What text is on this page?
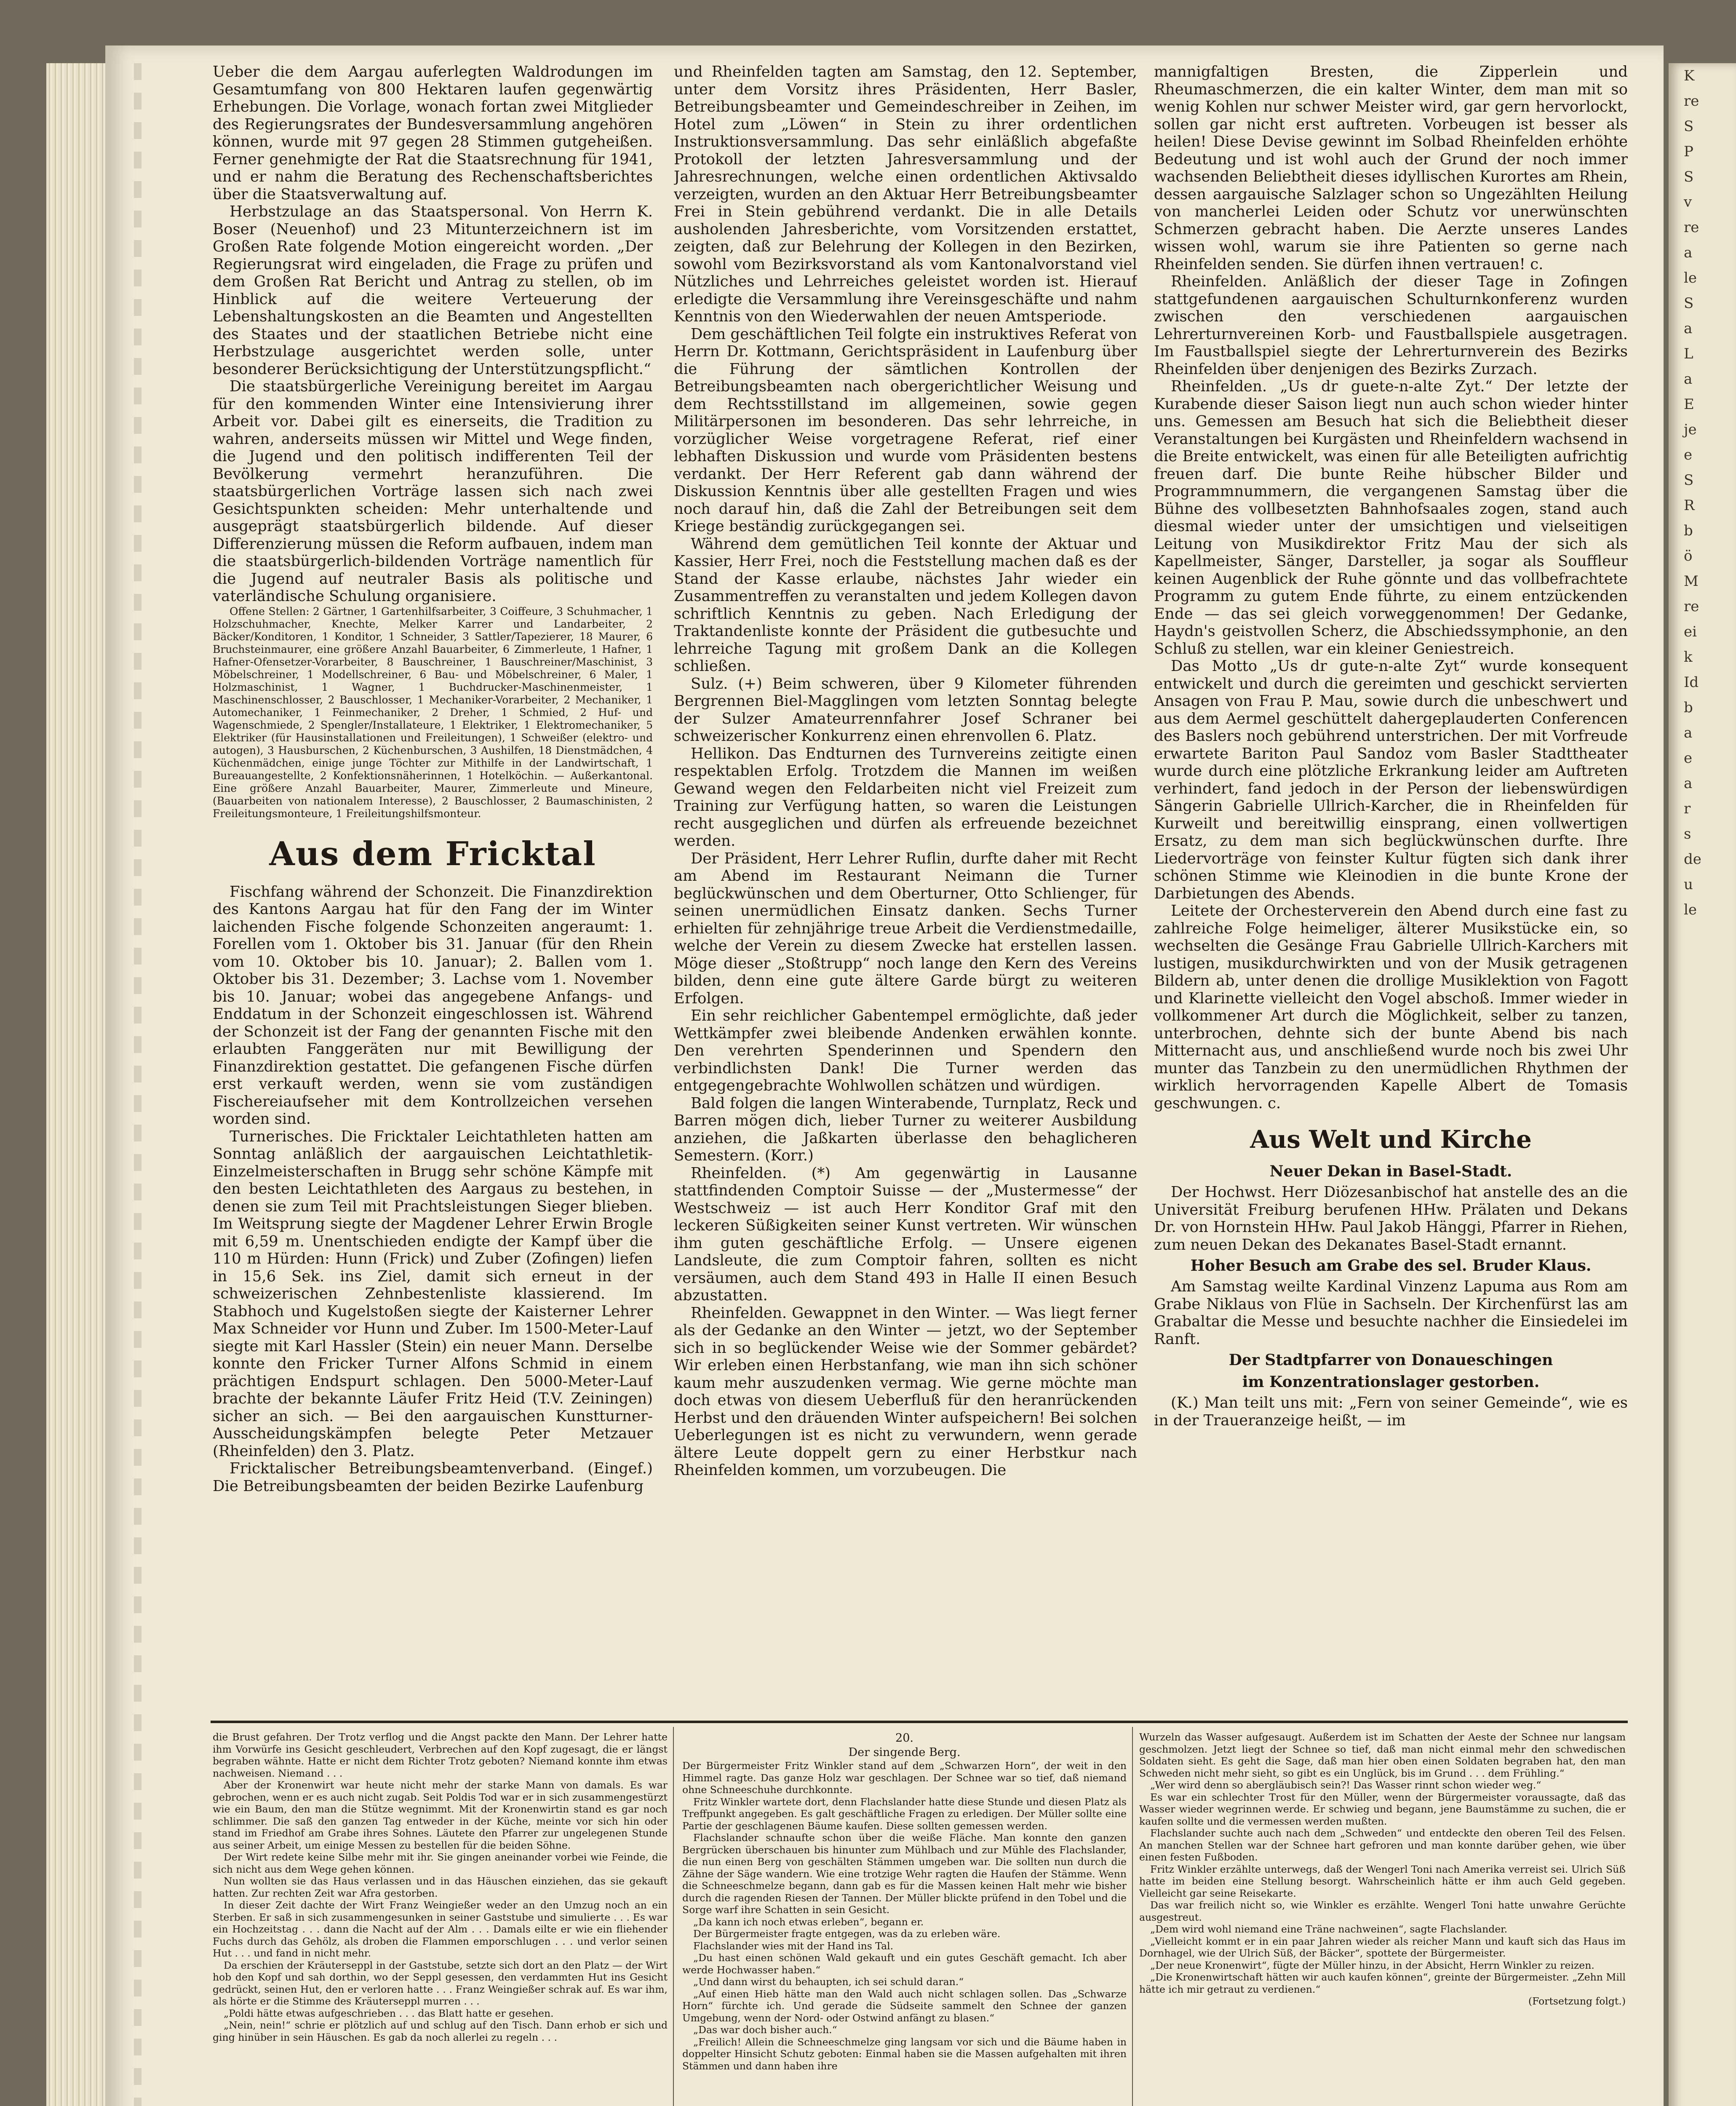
K
re
S
P
S
v
re
a
le
S
a
L
a
E
je
e
S
R
b
ö
M
re
ei
k
Id
b
a
e
a
r
s
de
u
le

Ueber die dem Aargau auferlegten Waldrodungen im Gesamtumfang von 800 Hektaren laufen gegenwärtig Erhebungen. Die Vorlage, wonach fortan zwei Mitglieder des Regierungsrates der Bundesversammlung angehören können, wurde mit 97 gegen 28 Stimmen gutgeheißen. Ferner genehmigte der Rat die Staatsrechnung für 1941, und er nahm die Beratung des Rechenschaftsberichtes über die Staatsverwaltung auf.

Herbstzulage an das Staatspersonal. Von Herrn K. Boser (Neuenhof) und 23 Mitunterzeichnern ist im Großen Rate folgende Motion eingereicht worden. „Der Regierungsrat wird eingeladen, die Frage zu prüfen und dem Großen Rat Bericht und Antrag zu stellen, ob im Hinblick auf die weitere Verteuerung der Lebenshaltungskosten an die Beamten und Angestellten des Staates und der staatlichen Betriebe nicht eine Herbstzulage ausgerichtet werden solle, unter besonderer Berücksichtigung der Unterstützungspflicht.“

Die staatsbürgerliche Vereinigung bereitet im Aargau für den kommenden Winter eine Intensivierung ihrer Arbeit vor. Dabei gilt es einerseits, die Tradition zu wahren, anderseits müssen wir Mittel und Wege finden, die Jugend und den politisch indifferenten Teil der Bevölkerung vermehrt heranzuführen. Die staatsbürgerlichen Vorträge lassen sich nach zwei Gesichtspunkten scheiden: Mehr unterhaltende und ausgeprägt staatsbürgerlich bildende. Auf dieser Differenzierung müssen die Reform aufbauen, indem man die staatsbürgerlich-bildenden Vorträge namentlich für die Jugend auf neutraler Basis als politische und vaterländische Schulung organisiere.

Offene Stellen: 2 Gärtner, 1 Gartenhilfsarbeiter, 3 Coiffeure, 3 Schuhmacher, 1 Holzschuhmacher, Knechte, Melker Karrer und Landarbeiter, 2 Bäcker/Konditoren, 1 Konditor, 1 Schneider, 3 Sattler/Tapezierer, 18 Maurer, 6 Bruchsteinmaurer, eine größere Anzahl Bauarbeiter, 6 Zimmerleute, 1 Hafner, 1 Hafner-Ofensetzer-Vorarbeiter, 8 Bauschreiner, 1 Bauschreiner/Maschinist, 3 Möbelschreiner, 1 Modellschreiner, 6 Bau- und Möbelschreiner, 6 Maler, 1 Holzmaschinist, 1 Wagner, 1 Buchdrucker-Maschinenmeister, 1 Maschinenschlosser, 2 Bauschlosser, 1 Mechaniker-Vorarbeiter, 2 Mechaniker, 1 Automechaniker, 1 Feinmechaniker, 2 Dreher, 1 Schmied, 2 Huf- und Wagenschmiede, 2 Spengler/Installateure, 1 Elektriker, 1 Elektromechaniker, 5 Elektriker (für Hausinstallationen und Freileitungen), 1 Schweißer (elektro- und autogen), 3 Hausburschen, 2 Küchenburschen, 3 Aushilfen, 18 Dienstmädchen, 4 Küchenmädchen, einige junge Töchter zur Mithilfe in der Landwirtschaft, 1 Bureauangestellte, 2 Konfektionsnäherinnen, 1 Hotelköchin. — Außerkantonal. Eine größere Anzahl Bauarbeiter, Maurer, Zimmerleute und Mineure, (Bauarbeiten von nationalem Interesse), 2 Bauschlosser, 2 Baumaschinisten, 2 Freileitungsmonteure, 1 Freileitungshilfsmonteur.

Aus dem Fricktal

Fischfang während der Schonzeit. Die Finanzdirektion des Kantons Aargau hat für den Fang der im Winter laichenden Fische folgende Schonzeiten angeraumt: 1. Forellen vom 1. Oktober bis 31. Januar (für den Rhein vom 10. Oktober bis 10. Januar); 2. Ballen vom 1. Oktober bis 31. Dezember; 3. Lachse vom 1. November bis 10. Januar; wobei das angegebene Anfangs- und Enddatum in der Schonzeit eingeschlossen ist. Während der Schonzeit ist der Fang der genannten Fische mit den erlaubten Fanggeräten nur mit Bewilligung der Finanzdirektion gestattet. Die gefangenen Fische dürfen erst verkauft werden, wenn sie vom zuständigen Fischereiaufseher mit dem Kontrollzeichen versehen worden sind.

Turnerisches. Die Fricktaler Leichtathleten hatten am Sonntag anläßlich der aargauischen Leichtathletik-Einzelmeisterschaften in Brugg sehr schöne Kämpfe mit den besten Leichtathleten des Aargaus zu bestehen, in denen sie zum Teil mit Prachtsleistungen Sieger blieben. Im Weitsprung siegte der Magdener Lehrer Erwin Brogle mit 6,59 m. Unentschieden endigte der Kampf über die 110 m Hürden: Hunn (Frick) und Zuber (Zofingen) liefen in 15,6 Sek. ins Ziel, damit sich erneut in der schweizerischen Zehnbestenliste klassierend. Im Stabhoch und Kugelstoßen siegte der Kaisterner Lehrer Max Schneider vor Hunn und Zuber. Im 1500-Meter-Lauf siegte mit Karl Hassler (Stein) ein neuer Mann. Derselbe konnte den Fricker Turner Alfons Schmid in einem prächtigen Endspurt schlagen. Den 5000-Meter-Lauf brachte der bekannte Läufer Fritz Heid (T.V. Zeiningen) sicher an sich. — Bei den aargauischen Kunstturner-Ausscheidungskämpfen belegte Peter Metzauer (Rheinfelden) den 3. Platz.

Fricktalischer Betreibungsbeamtenverband. (Eingef.) Die Betreibungsbeamten der beiden Bezirke Laufenburg

und Rheinfelden tagten am Samstag, den 12. September, unter dem Vorsitz ihres Präsidenten, Herr Basler, Betreibungsbeamter und Gemeindeschreiber in Zeihen, im Hotel zum „Löwen“ in Stein zu ihrer ordentlichen Instruktionsversammlung. Das sehr einläßlich abgefaßte Protokoll der letzten Jahresversammlung und der Jahresrechnungen, welche einen ordentlichen Aktivsaldo verzeigten, wurden an den Aktuar Herr Betreibungsbeamter Frei in Stein gebührend verdankt. Die in alle Details ausholenden Jahresberichte, vom Vorsitzenden erstattet, zeigten, daß zur Belehrung der Kollegen in den Bezirken, sowohl vom Bezirksvorstand als vom Kantonalvorstand viel Nützliches und Lehrreiches geleistet worden ist. Hierauf erledigte die Versammlung ihre Vereinsgeschäfte und nahm Kenntnis von den Wiederwahlen der neuen Amtsperiode.

Dem geschäftlichen Teil folgte ein instruktives Referat von Herrn Dr. Kottmann, Gerichtspräsident in Laufenburg über die Führung der sämtlichen Kontrollen der Betreibungsbeamten nach obergerichtlicher Weisung und dem Rechtsstillstand im allgemeinen, sowie gegen Militärpersonen im besonderen. Das sehr lehrreiche, in vorzüglicher Weise vorgetragene Referat, rief einer lebhaften Diskussion und wurde vom Präsidenten bestens verdankt. Der Herr Referent gab dann während der Diskussion Kenntnis über alle gestellten Fragen und wies noch darauf hin, daß die Zahl der Betreibungen seit dem Kriege beständig zurückgegangen sei.

Während dem gemütlichen Teil konnte der Aktuar und Kassier, Herr Frei, noch die Feststellung machen daß es der Stand der Kasse erlaube, nächstes Jahr wieder ein Zusammentreffen zu veranstalten und jedem Kollegen davon schriftlich Kenntnis zu geben. Nach Erledigung der Traktandenliste konnte der Präsident die gutbesuchte und lehrreiche Tagung mit großem Dank an die Kollegen schließen.

Sulz. (+) Beim schweren, über 9 Kilometer führenden Bergrennen Biel-Magglingen vom letzten Sonntag belegte der Sulzer Amateurrennfahrer Josef Schraner bei schweizerischer Konkurrenz einen ehrenvollen 6. Platz.

Hellikon. Das Endturnen des Turnvereins zeitigte einen respektablen Erfolg. Trotzdem die Mannen im weißen Gewand wegen den Feldarbeiten nicht viel Freizeit zum Training zur Verfügung hatten, so waren die Leistungen recht ausgeglichen und dürfen als erfreuende bezeichnet werden.

Der Präsident, Herr Lehrer Ruflin, durfte daher mit Recht am Abend im Restaurant Neimann die Turner beglückwünschen und dem Oberturner, Otto Schlienger, für seinen unermüdlichen Einsatz danken. Sechs Turner erhielten für zehnjährige treue Arbeit die Verdienstmedaille, welche der Verein zu diesem Zwecke hat erstellen lassen. Möge dieser „Stoßtrupp“ noch lange den Kern des Vereins bilden, denn eine gute ältere Garde bürgt zu weiteren Erfolgen.

Ein sehr reichlicher Gabentempel ermöglichte, daß jeder Wettkämpfer zwei bleibende Andenken erwählen konnte. Den verehrten Spenderinnen und Spendern den verbindlichsten Dank! Die Turner werden das entgegengebrachte Wohlwollen schätzen und würdigen.

Bald folgen die langen Winterabende, Turnplatz, Reck und Barren mögen dich, lieber Turner zu weiterer Ausbildung anziehen, die Jaßkarten überlasse den behaglicheren Semestern. (Korr.)

Rheinfelden. (*) Am gegenwärtig in Lausanne stattfindenden Comptoir Suisse — der „Mustermesse“ der Westschweiz — ist auch Herr Konditor Graf mit den leckeren Süßigkeiten seiner Kunst vertreten. Wir wünschen ihm guten geschäftliche Erfolg. — Unsere eigenen Landsleute, die zum Comptoir fahren, sollten es nicht versäumen, auch dem Stand 493 in Halle II einen Besuch abzustatten.

Rheinfelden. Gewappnet in den Winter. — Was liegt ferner als der Gedanke an den Winter — jetzt, wo der September sich in so beglückender Weise wie der Sommer gebärdet? Wir erleben einen Herbstanfang, wie man ihn sich schöner kaum mehr auszudenken vermag. Wie gerne möchte man doch etwas von diesem Ueberfluß für den heranrückenden Herbst und den dräuenden Winter aufspeichern! Bei solchen Ueberlegungen ist es nicht zu verwundern, wenn gerade ältere Leute doppelt gern zu einer Herbstkur nach Rheinfelden kommen, um vorzubeugen. Die

mannigfaltigen Bresten, die Zipperlein und Rheumaschmerzen, die ein kalter Winter, dem man mit so wenig Kohlen nur schwer Meister wird, gar gern hervorlockt, sollen gar nicht erst auftreten. Vorbeugen ist besser als heilen! Diese Devise gewinnt im Solbad Rheinfelden erhöhte Bedeutung und ist wohl auch der Grund der noch immer wachsenden Beliebtheit dieses idyllischen Kurortes am Rhein, dessen aargauische Salzlager schon so Ungezählten Heilung von mancherlei Leiden oder Schutz vor unerwünschten Schmerzen gebracht haben. Die Aerzte unseres Landes wissen wohl, warum sie ihre Patienten so gerne nach Rheinfelden senden. Sie dürfen ihnen vertrauen! c.

Rheinfelden. Anläßlich der dieser Tage in Zofingen stattgefundenen aargauischen Schulturnkonferenz wurden zwischen den verschiedenen aargauischen Lehrerturnvereinen Korb- und Faustballspiele ausgetragen. Im Faustballspiel siegte der Lehrerturnverein des Bezirks Rheinfelden über denjenigen des Bezirks Zurzach.

Rheinfelden. „Us dr guete-n-alte Zyt.“ Der letzte der Kurabende dieser Saison liegt nun auch schon wieder hinter uns. Gemessen am Besuch hat sich die Beliebtheit dieser Veranstaltungen bei Kurgästen und Rheinfeldern wachsend in die Breite entwickelt, was einen für alle Beteiligten aufrichtig freuen darf. Die bunte Reihe hübscher Bilder und Programmnummern, die vergangenen Samstag über die Bühne des vollbesetzten Bahnhofsaales zogen, stand auch diesmal wieder unter der umsichtigen und vielseitigen Leitung von Musikdirektor Fritz Mau der sich als Kapellmeister, Sänger, Darsteller, ja sogar als Souffleur keinen Augenblick der Ruhe gönnte und das vollbefrachtete Programm zu gutem Ende führte, zu einem entzückenden Ende — das sei gleich vorweggenommen! Der Gedanke, Haydn's geistvollen Scherz, die Abschiedssymphonie, an den Schluß zu stellen, war ein kleiner Geniestreich.

Das Motto „Us dr gute-n-alte Zyt“ wurde konsequent entwickelt und durch die gereimten und geschickt servierten Ansagen von Frau P. Mau, sowie durch die unbeschwert und aus dem Aermel geschüttelt dahergeplauderten Conferencen des Baslers noch gebührend unterstrichen. Der mit Vorfreude erwartete Bariton Paul Sandoz vom Basler Stadttheater wurde durch eine plötzliche Erkrankung leider am Auftreten verhindert, fand jedoch in der Person der liebenswürdigen Sängerin Gabrielle Ullrich-Karcher, die in Rheinfelden für Kurweilt und bereitwillig einsprang, einen vollwertigen Ersatz, zu dem man sich beglückwünschen durfte. Ihre Liedervorträge von feinster Kultur fügten sich dank ihrer schönen Stimme wie Kleinodien in die bunte Krone der Darbietungen des Abends.

Leitete der Orchesterverein den Abend durch eine fast zu zahlreiche Folge heimeliger, älterer Musikstücke ein, so wechselten die Gesänge Frau Gabrielle Ullrich-Karchers mit lustigen, musikdurchwirkten und von der Musik getragenen Bildern ab, unter denen die drollige Musiklektion von Fagott und Klarinette vielleicht den Vogel abschoß. Immer wieder in vollkommener Art durch die Möglichkeit, selber zu tanzen, unterbrochen, dehnte sich der bunte Abend bis nach Mitternacht aus, und anschließend wurde noch bis zwei Uhr munter das Tanzbein zu den unermüdlichen Rhythmen der wirklich hervorragenden Kapelle Albert de Tomasis geschwungen. c.

Aus Welt und Kirche
Neuer Dekan in Basel-Stadt.

Der Hochwst. Herr Diözesanbischof hat anstelle des an die Universität Freiburg berufenen HHw. Prälaten und Dekans Dr. von Hornstein HHw. Paul Jakob Hänggi, Pfarrer in Riehen, zum neuen Dekan des Dekanates Basel-Stadt ernannt.

Hoher Besuch am Grabe des sel. Bruder Klaus.

Am Samstag weilte Kardinal Vinzenz Lapuma aus Rom am Grabe Niklaus von Flüe in Sachseln. Der Kirchenfürst las am Grabaltar die Messe und besuchte nachher die Einsiedelei im Ranft.

Der Stadtpfarrer von Donaueschingen
im Konzentrationslager gestorben.

(K.) Man teilt uns mit: „Fern von seiner Gemeinde“, wie es in der Traueranzeige heißt, — im

die Brust gefahren. Der Trotz verflog und die Angst packte den Mann. Der Lehrer hatte ihm Vorwürfe ins Gesicht geschleudert, Verbrechen auf den Kopf zugesagt, die er längst begraben wähnte. Hatte er nicht dem Richter Trotz geboten? Niemand konnte ihm etwas nachweisen. Niemand . . .

Aber der Kronenwirt war heute nicht mehr der starke Mann von damals. Es war gebrochen, wenn er es auch nicht zugab. Seit Poldis Tod war er in sich zusammengestürzt wie ein Baum, den man die Stütze wegnimmt. Mit der Kronenwirtin stand es gar noch schlimmer. Die saß den ganzen Tag entweder in der Küche, meinte vor sich hin oder stand im Friedhof am Grabe ihres Sohnes. Läutete den Pfarrer zur ungelegenen Stunde aus seiner Arbeit, um einige Messen zu bestellen für die beiden Söhne.

Der Wirt redete keine Silbe mehr mit ihr. Sie gingen aneinander vorbei wie Feinde, die sich nicht aus dem Wege gehen können.

Nun wollten sie das Haus verlassen und in das Häuschen einziehen, das sie gekauft hatten. Zur rechten Zeit war Afra gestorben.

In dieser Zeit dachte der Wirt Franz Weingießer weder an den Umzug noch an ein Sterben. Er saß in sich zusammengesunken in seiner Gaststube und simulierte . . . Es war ein Hochzeitstag . . . dann die Nacht auf der Alm . . . Damals eilte er wie ein fliehender Fuchs durch das Gehölz, als droben die Flammen emporschlugen . . . und verlor seinen Hut . . . und fand in nicht mehr.

Da erschien der Kräuterseppl in der Gaststube, setzte sich dort an den Platz — der Wirt hob den Kopf und sah dorthin, wo der Seppl gesessen, den verdammten Hut ins Gesicht gedrückt, seinen Hut, den er verloren hatte . . . Franz Weingießer schrak auf. Es war ihm, als hörte er die Stimme des Kräuterseppl murren . . .

„Poldi hätte etwas aufgeschrieben . . . das Blatt hatte er gesehen.

„Nein, nein!“ schrie er plötzlich auf und schlug auf den Tisch. Dann erhob er sich und ging hinüber in sein Häuschen. Es gab da noch allerlei zu regeln . . .

20.
Der singende Berg.

Der Bürgermeister Fritz Winkler stand auf dem „Schwarzen Horn“, der weit in den Himmel ragte. Das ganze Holz war geschlagen. Der Schnee war so tief, daß niemand ohne Schneeschuhe durchkonnte.

Fritz Winkler wartete dort, denn Flachslander hatte diese Stunde und diesen Platz als Treffpunkt angegeben. Es galt geschäftliche Fragen zu erledigen. Der Müller sollte eine Partie der geschlagenen Bäume kaufen. Diese sollten gemessen werden.

Flachslander schnaufte schon über die weiße Fläche. Man konnte den ganzen Bergrücken überschauen bis hinunter zum Mühlbach und zur Mühle des Flachslander, die nun einen Berg von geschälten Stämmen umgeben war. Die sollten nun durch die Zähne der Säge wandern. Wie eine trotzige Wehr ragten die Haufen der Stämme. Wenn die Schneeschmelze begann, dann gab es für die Massen keinen Halt mehr wie bisher durch die ragenden Riesen der Tannen. Der Müller blickte prüfend in den Tobel und die Sorge warf ihre Schatten in sein Gesicht.

„Da kann ich noch etwas erleben“, begann er.

Der Bürgermeister fragte entgegen, was da zu erleben wäre.

Flachslander wies mit der Hand ins Tal.

„Du hast einen schönen Wald gekauft und ein gutes Geschäft gemacht. Ich aber werde Hochwasser haben.“

„Und dann wirst du behaupten, ich sei schuld daran.“

„Auf einen Hieb hätte man den Wald auch nicht schlagen sollen. Das „Schwarze Horn“ fürchte ich. Und gerade die Südseite sammelt den Schnee der ganzen Umgebung, wenn der Nord- oder Ostwind anfängt zu blasen.“

„Das war doch bisher auch.“

„Freilich! Allein die Schneeschmelze ging langsam vor sich und die Bäume haben in doppelter Hinsicht Schutz geboten: Einmal haben sie die Massen aufgehalten mit ihren Stämmen und dann haben ihre

Wurzeln das Wasser aufgesaugt. Außerdem ist im Schatten der Aeste der Schnee nur langsam geschmolzen. Jetzt liegt der Schnee so tief, daß man nicht einmal mehr den schwedischen Soldaten sieht. Es geht die Sage, daß man hier oben einen Soldaten begraben hat, den man Schweden nicht mehr sieht, so gibt es ein Unglück, bis im Grund . . . dem Frühling.“

„Wer wird denn so abergläubisch sein?! Das Wasser rinnt schon wieder weg.“

Es war ein schlechter Trost für den Müller, wenn der Bürgermeister voraussagte, daß das Wasser wieder wegrinnen werde. Er schwieg und begann, jene Baumstämme zu suchen, die er kaufen sollte und die vermessen werden mußten.

Flachslander suchte auch nach dem „Schweden“ und entdeckte den oberen Teil des Felsen. An manchen Stellen war der Schnee hart gefroren und man konnte darüber gehen, wie über einen festen Fußboden.

Fritz Winkler erzählte unterwegs, daß der Wengerl Toni nach Amerika verreist sei. Ulrich Süß hatte im beiden eine Stellung besorgt. Wahrscheinlich hätte er ihm auch Geld gegeben. Vielleicht gar seine Reisekarte.

Das war freilich nicht so, wie Winkler es erzählte. Wengerl Toni hatte unwahre Gerüchte ausgestreut.

„Dem wird wohl niemand eine Träne nachweinen“, sagte Flachslander.

„Vielleicht kommt er in ein paar Jahren wieder als reicher Mann und kauft sich das Haus im Dornhagel, wie der Ulrich Süß, der Bäcker“, spottete der Bürgermeister.

„Der neue Kronenwirt“, fügte der Müller hinzu, in der Absicht, Herrn Winkler zu reizen.

„Die Kronenwirtschaft hätten wir auch kaufen können“, greinte der Bürgermeister. „Zehn Mill hätte ich mir getraut zu verdienen.“

(Fortsetzung folgt.)
